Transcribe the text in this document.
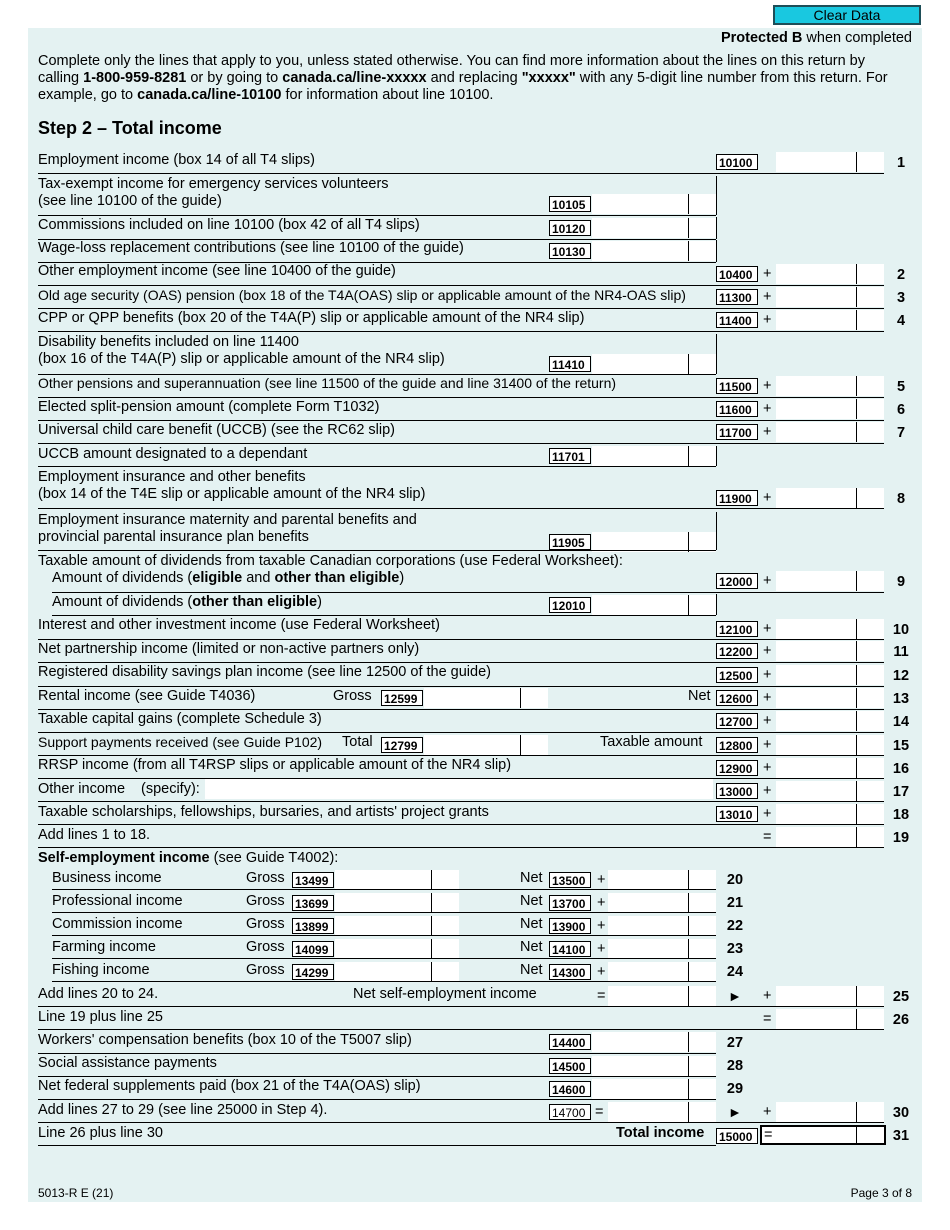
Clear Data
Protected B when completed
Complete only the lines that apply to you, unless stated otherwise. You can find more information about the lines on this return by calling 1-800-959-8281 or by going to canada.ca/line-xxxxx and replacing "xxxxx" with any 5-digit line number from this return. For example, go to canada.ca/line-10100 for information about line 10100.
Step 2 – Total income
Employment income (box 14 of all T4 slips)	10100	1
Tax-exempt income for emergency services volunteers
(see line 10100 of the guide)	10105
Commissions included on line 10100 (box 42 of all T4 slips)	10120
Wage-loss replacement contributions (see line 10100 of the guide)	10130
Other employment income (see line 10400 of the guide)	10400 +	2
Old age security (OAS) pension (box 18 of the T4A(OAS) slip or applicable amount of the NR4-OAS slip)	11300 +	3
CPP or QPP benefits (box 20 of the T4A(P) slip or applicable amount of the NR4 slip)	11400 +	4
Disability benefits included on line 11400
(box 16 of the T4A(P) slip or applicable amount of the NR4 slip)	11410
Other pensions and superannuation (see line 11500 of the guide and line 31400 of the return)	11500 +	5
Elected split-pension amount (complete Form T1032)	11600 +	6
Universal child care benefit (UCCB) (see the RC62 slip)	11700 +	7
UCCB amount designated to a dependant	11701
Employment insurance and other benefits
(box 14 of the T4E slip or applicable amount of the NR4 slip)	11900 +	8
Employment insurance maternity and parental benefits and
provincial parental insurance plan benefits	11905
Taxable amount of dividends from taxable Canadian corporations (use Federal Worksheet):
Amount of dividends (eligible and other than eligible)	12000 +	9
Amount of dividends (other than eligible)	12010
Interest and other investment income (use Federal Worksheet)	12100 +	10
Net partnership income (limited or non-active partners only)	12200 +	11
Registered disability savings plan income (see line 12500 of the guide)	12500 +	12
Rental income (see Guide T4036)	Gross 12599	Net 12600 +	13
Taxable capital gains (complete Schedule 3)	12700 +	14
Support payments received (see Guide P102) Total 12799	Taxable amount 12800 +	15
RRSP income (from all T4RSP slips or applicable amount of the NR4 slip)	12900 +	16
Other income (specify):	13000 +	17
Taxable scholarships, fellowships, bursaries, and artists' project grants	13010 +	18
Add lines 1 to 18.	=	19
Self-employment income (see Guide T4002):
Business income	Gross 13499	Net 13500 +	20
Professional income	Gross 13699	Net 13700 +	21
Commission income	Gross 13899	Net 13900 +	22
Farming income	Gross 14099	Net 14100 +	23
Fishing income	Gross 14299	Net 14300 +	24
Add lines 20 to 24.	Net self-employment income	=	► +	25
Line 19 plus line 25	=	26
Workers' compensation benefits (box 10 of the T5007 slip)	14400	27
Social assistance payments	14500	28
Net federal supplements paid (box 21 of the T4A(OAS) slip)	14600	29
Add lines 27 to 29 (see line 25000 in Step 4).	14700 =	► +	30
Line 26 plus line 30	Total income 15000 =	31
5013-R E (21)	Page 3 of 8
